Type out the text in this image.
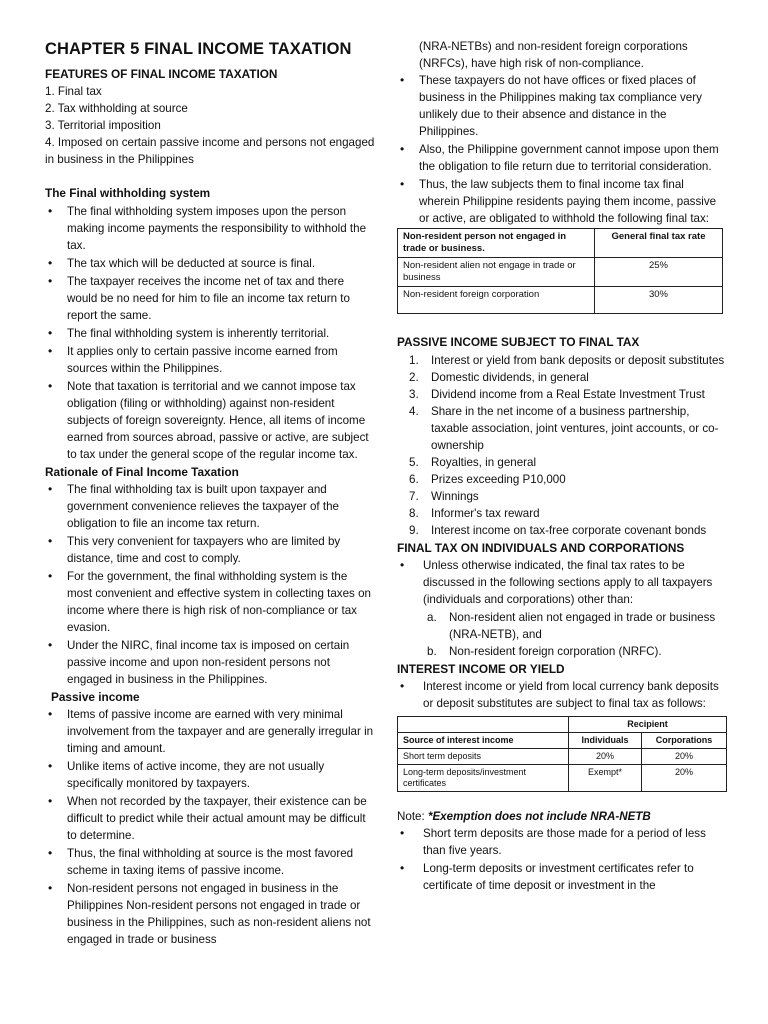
CHAPTER 5 FINAL INCOME TAXATION
FEATURES OF FINAL INCOME TAXATION
1. Final tax
2. Tax withholding at source
3. Territorial imposition
4. Imposed on certain passive income and persons not engaged in business in the Philippines
The Final withholding system
• The final withholding system imposes upon the person making income payments the responsibility to withhold the tax.
• The tax which will be deducted at source is final.
• The taxpayer receives the income net of tax and there would be no need for him to file an income tax return to report the same.
• The final withholding system is inherently territorial.
• It applies only to certain passive income earned from sources within the Philippines.
• Note that taxation is territorial and we cannot impose tax obligation (filing or withholding) against non-resident subjects of foreign sovereignty. Hence, all items of income earned from sources abroad, passive or active, are subject to tax under the general scope of the regular income tax.
Rationale of Final Income Taxation
• The final withholding tax is built upon taxpayer and government convenience relieves the taxpayer of the obligation to file an income tax return.
• This very convenient for taxpayers who are limited by distance, time and cost to comply.
• For the government, the final withholding system is the most convenient and effective system in collecting taxes on income where there is high risk of non-compliance or tax evasion.
• Under the NIRC, final income tax is imposed on certain passive income and upon non-resident persons not engaged in business in the Philippines.
Passive income
• Items of passive income are earned with very minimal involvement from the taxpayer and are generally irregular in timing and amount.
• Unlike items of active income, they are not usually specifically monitored by taxpayers.
• When not recorded by the taxpayer, their existence can be difficult to predict while their actual amount may be difficult to determine.
• Thus, the final withholding at source is the most favored scheme in taxing items of passive income.
• Non-resident persons not engaged in business in the Philippines Non-resident persons not engaged in trade or business in the Philippines, such as non-resident aliens not engaged in trade or business
(NRA-NETBs) and non-resident foreign corporations (NRFCs), have high risk of non-compliance.
• These taxpayers do not have offices or fixed places of business in the Philippines making tax compliance very unlikely due to their absence and distance in the Philippines.
• Also, the Philippine government cannot impose upon them the obligation to file return due to territorial consideration.
• Thus, the law subjects them to final income tax final wherein Philippine residents paying them income, passive or active, are obligated to withhold the following final tax:
Non-resident person not engaged in trade or business.	General final tax rate
Non-resident alien not engage in trade or business	25%
Non-resident foreign corporation	30%
PASSIVE INCOME SUBJECT TO FINAL TAX
1. Interest or yield from bank deposits or deposit substitutes
2. Domestic dividends, in general
3. Dividend income from a Real Estate Investment Trust
4. Share in the net income of a business partnership, taxable association, joint ventures, joint accounts, or co-ownership
5. Royalties, in general
6. Prizes exceeding P10,000
7. Winnings
8. Informer's tax reward
9. Interest income on tax-free corporate covenant bonds
FINAL TAX ON INDIVIDUALS AND CORPORATIONS
• Unless otherwise indicated, the final tax rates to be discussed in the following sections apply to all taxpayers (individuals and corporations) other than:
a. Non-resident alien not engaged in trade or business (NRA-NETB), and
b. Non-resident foreign corporation (NRFC).
INTEREST INCOME OR YIELD
• Interest income or yield from local currency bank deposits or deposit substitutes are subject to final tax as follows:
	Recipient	
Source of interest income	Individuals	Corporations
Short term deposits	20%	20%
Long-term deposits/investment certificates	Exempt*	20%
Note: *Exemption does not include NRA-NETB
• Short term deposits are those made for a period of less than five years.
• Long-term deposits or investment certificates refer to certificate of time deposit or investment in the
